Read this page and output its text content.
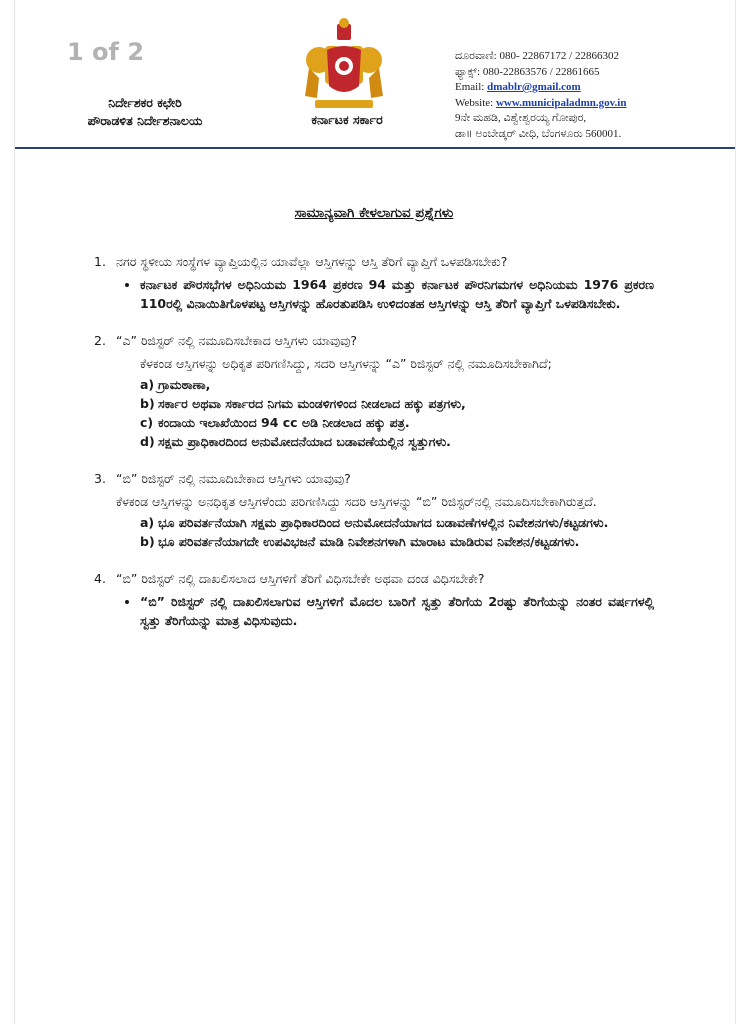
1 of 2
ನಿರ್ದೇಶಕರ ಕಛೇರಿ
ಪೌರಾಡಳಿತ ನಿರ್ದೇಶನಾಲಯ	ಕರ್ನಾಟಕ ಸರ್ಕಾರ
ದೂರವಾಣಿ: 080- 22867172 / 22866302
ಫ್ಯಾಕ್ಸ್: 080-22863576 / 22861665
Email: dmablr@gmail.com
Website: www.municipaladmn.gov.in
9ನೇ ಮಹಡಿ, ವಿಶ್ವೇಶ್ವರಯ್ಯ ಗೋಪುರ,
ಡಾ॥ ಅಂಬೇಡ್ಕರ್ ವೀಧಿ, ಬೆಂಗಳೂರು 560001.
ಸಾಮಾನ್ಯವಾಗಿ ಕೇಳಲಾಗುವ ಪ್ರಶ್ನೆಗಳು
1. ನಗರ ಸ್ಥಳೀಯ ಸಂಸ್ಥೆಗಳ ವ್ಯಾಪ್ತಿಯಲ್ಲಿನ ಯಾವೆಲ್ಲಾ ಆಸ್ತಿಗಳನ್ನು ಆಸ್ತಿ ತೆರಿಗೆ ವ್ಯಾಪ್ತಿಗೆ ಒಳಪಡಿಸಬೇಕು?
• ಕರ್ನಾಟಕ ಪೌರಸಭೆಗಳ ಅಧಿನಿಯಮ 1964 ಪ್ರಕರಣ 94 ಮತ್ತು ಕರ್ನಾಟಕ ಪೌರನಿಗಮಗಳ ಅಧಿನಿಯಮ 1976 ಪ್ರಕರಣ 110ರಲ್ಲಿ ವಿನಾಯಿತಿಗೊಳಪಟ್ಟ ಆಸ್ತಿಗಳನ್ನು ಹೊರತುಪಡಿಸಿ ಉಳಿದಂತಹ ಆಸ್ತಿಗಳನ್ನು ಆಸ್ತಿ ತೆರಿಗೆ ವ್ಯಾಪ್ತಿಗೆ ಒಳಪಡಿಸಬೇಕು.
2. “ಎ” ರಿಜಿಸ್ಟರ್ ನಲ್ಲಿ ನಮೂದಿಸಬೇಕಾದ ಆಸ್ತಿಗಳು ಯಾವುವು?
ಕೆಳಕಂಡ ಆಸ್ತಿಗಳನ್ನು ಅಧಿಕೃತ ಪರಿಗಣಿಸಿದ್ದು, ಸದರಿ ಆಸ್ತಿಗಳನ್ನು “ಎ” ರಿಜಿಸ್ಟರ್ ನಲ್ಲಿ ನಮೂದಿಸಬೇಕಾಗಿದೆ;
a) ಗ್ರಾಮಠಾಣಾ,
b) ಸರ್ಕಾರ ಅಥವಾ ಸರ್ಕಾರದ ನಿಗಮ ಮಂಡಳಿಗಳಿಂದ ನೀಡಲಾದ ಹಕ್ಕು ಪತ್ರಗಳು,
c) ಕಂದಾಯ ಇಲಾಖೆಯಿಂದ 94 cc ಅಡಿ ನೀಡಲಾದ ಹಕ್ಕು ಪತ್ರ.
d) ಸಕ್ಷಮ ಪ್ರಾಧಿಕಾರದಿಂದ ಅನುಮೋದನೆಯಾದ ಬಡಾವಣೆಯಲ್ಲಿನ ಸ್ವತ್ತುಗಳು.
3. “ಬಿ” ರಿಜಿಸ್ಟರ್ ನಲ್ಲಿ ನಮೂದಿಬೇಕಾದ ಆಸ್ತಿಗಳು ಯಾವುವು?
ಕೆಳಕಂಡ ಆಸ್ತಿಗಳನ್ನು ಅನಧಿಕೃತ ಆಸ್ತಿಗಳೆಂದು ಪರಿಗಣಿಸಿದ್ದು ಸದರಿ ಆಸ್ತಿಗಳನ್ನು “ಬಿ” ರಿಜಿಸ್ಟರ್‌ನಲ್ಲಿ ನಮೂದಿಸಬೇಕಾಗಿರುತ್ತದೆ.
a) ಭೂ ಪರಿವರ್ತನೆಯಾಗಿ ಸಕ್ಷಮ ಪ್ರಾಧಿಕಾರದಿಂದ ಅನುಮೋದನೆಯಾಗದ ಬಡಾವಣೆಗಳಲ್ಲಿನ ನಿವೇಶನಗಳು/ಕಟ್ಟಡಗಳು.
b) ಭೂ ಪರಿವರ್ತನೆಯಾಗದೇ ಉಪವಿಭಜನೆ ಮಾಡಿ ನಿವೇಶನಗಳಾಗಿ ಮಾರಾಟ ಮಾಡಿರುವ ನಿವೇಶನ/ಕಟ್ಟಡಗಳು.
4. “ಬಿ” ರಿಜಿಸ್ಟರ್ ನಲ್ಲಿ ದಾಖಲಿಸಲಾದ ಆಸ್ತಿಗಳಿಗೆ ತೆರಿಗೆ ವಿಧಿಸಬೇಕೇ ಅಥವಾ ದಂಡ ವಿಧಿಸಬೇಕೇ?
• “ಬಿ” ರಿಜಿಸ್ಟರ್ ನಲ್ಲಿ ದಾಖಲಿಸಲಾಗುವ ಆಸ್ತಿಗಳಿಗೆ ಮೊದಲ ಬಾರಿಗೆ ಸ್ವತ್ತು ತೆರಿಗೆಯ 2ರಷ್ಟು ತೆರಿಗೆಯನ್ನು ನಂತರ ವರ್ಷಗಳಲ್ಲಿ ಸ್ವತ್ತು ತೆರಿಗೆಯನ್ನು ಮಾತ್ರ ವಿಧಿಸುವುದು.
